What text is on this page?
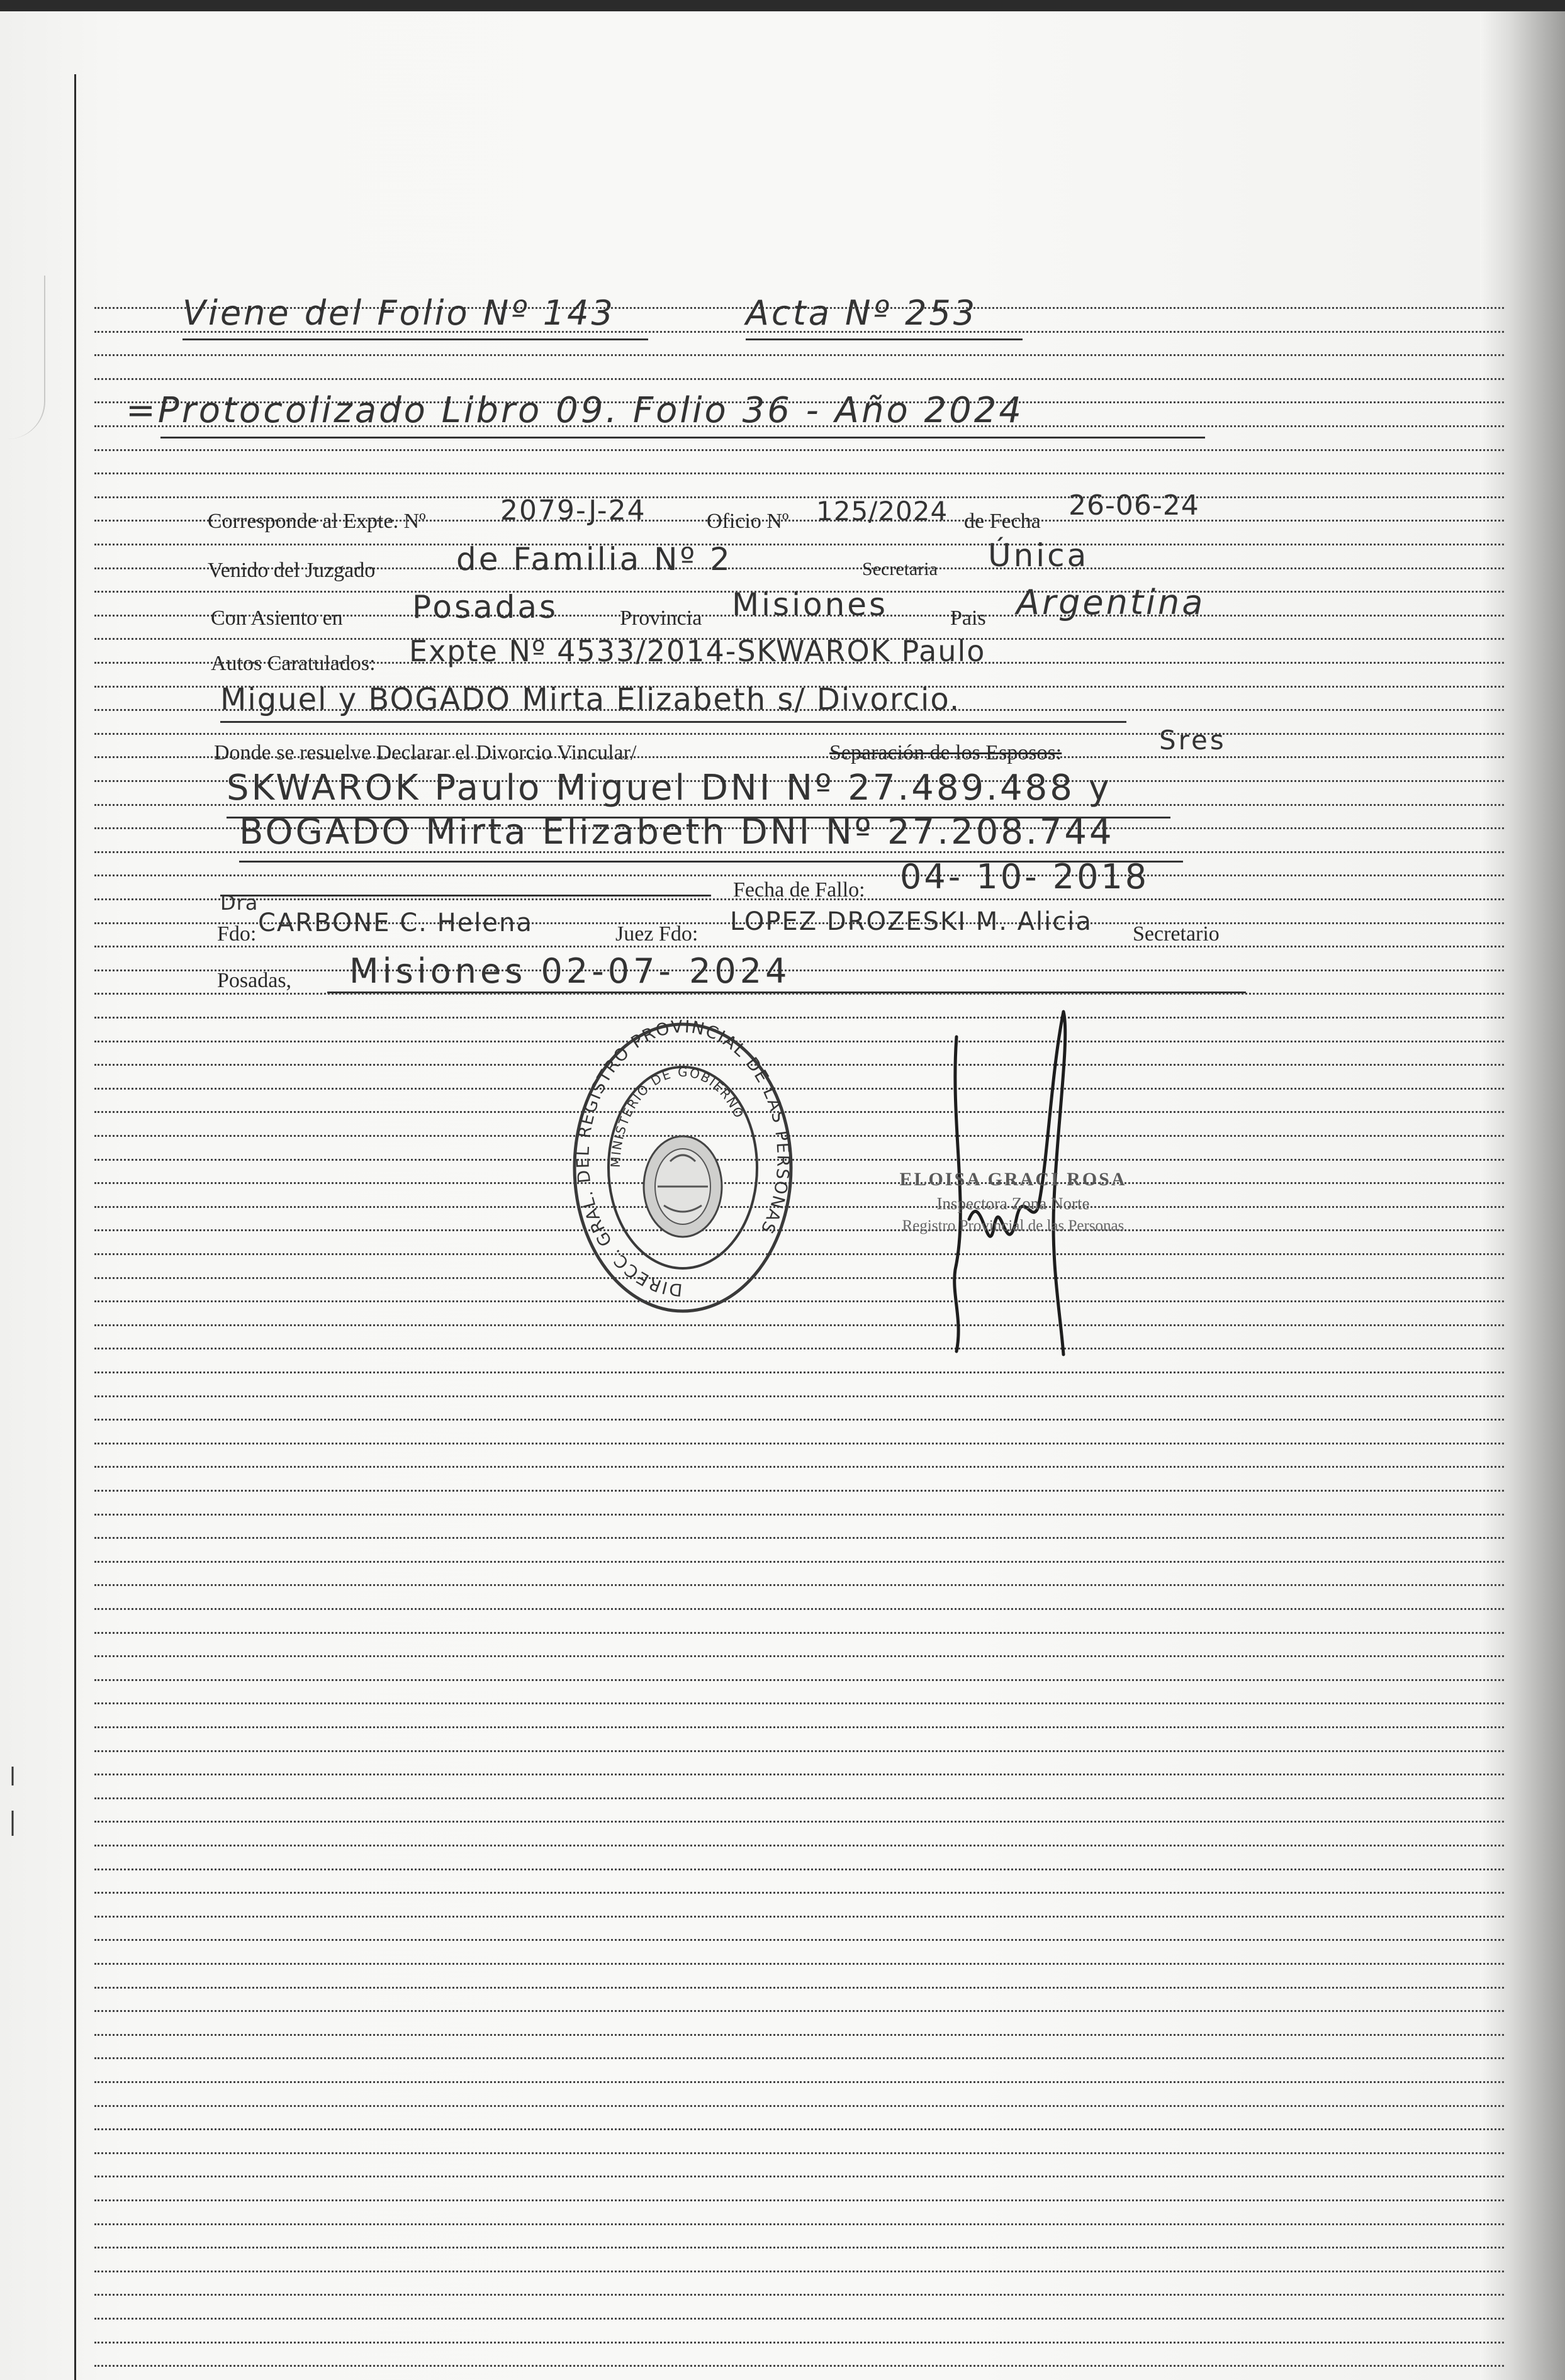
Viene del Folio Nº 143	Acta Nº 253
=Protocolizado Libro 09. Folio 36 - Año 2024
Corresponde al Expte. Nº	2079-J-24	Oficio Nº 125/2024 de Fecha 26-06-24
Venido del Juzgado	de Familia Nº 2	Secretaria Única
Con Asiento en Posadas	Provincia Misiones	Pais Argentina
Autos Caratulados: Expte Nº 4533/2014-SKWAROK Paulo
Miguel y BOGADO Mirta Elizabeth s/ Divorcio.
Donde se resuelve Declarar el Divorcio Vincular/	Separación de los Esposos:	Sres
SKWAROK Paulo Miguel DNI Nº 27.489.488 y
BOGADO Mirta Elizabeth DNI Nº 27.208.744
Fecha de Fallo: 04- 10- 2018
Dra
Fdo: CARBONE C. Helena	Juez Fdo: LOPEZ DROZESKI M. Alicia Secretario
Posadas, Misiones 02-07- 2024
DIRECC. GRAL. DEL REGISTRO PROVINCIAL DE LAS PERSONAS
MINISTERIO DE GOBIERNO
ELOISA GRACI ROSA
Inspectora Zona Norte
Registro Provincial de las Personas
